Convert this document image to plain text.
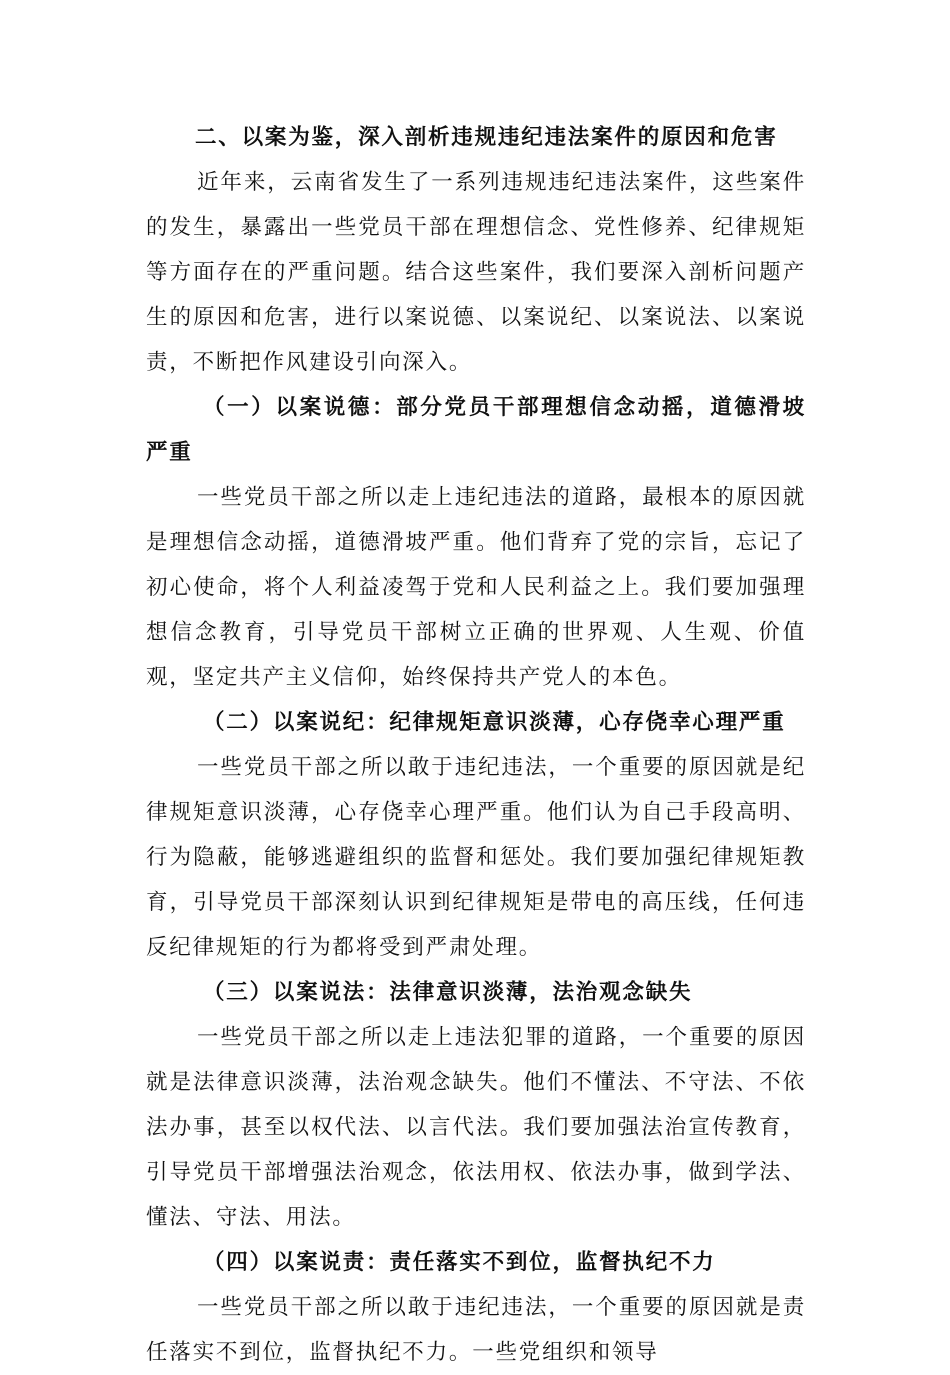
二、以案为鉴，深入剖析违规违纪违法案件的原因和危害

近年来，云南省发生了一系列违规违纪违法案件，这些案件的发生，暴露出一些党员干部在理想信念、党性修养、纪律规矩等方面存在的严重问题。结合这些案件，我们要深入剖析问题产生的原因和危害，进行以案说德、以案说纪、以案说法、以案说责，不断把作风建设引向深入。

（一）以案说德：部分党员干部理想信念动摇，道德滑坡严重

一些党员干部之所以走上违纪违法的道路，最根本的原因就是理想信念动摇，道德滑坡严重。他们背弃了党的宗旨，忘记了初心使命，将个人利益凌驾于党和人民利益之上。我们要加强理想信念教育，引导党员干部树立正确的世界观、人生观、价值观，坚定共产主义信仰，始终保持共产党人的本色。

（二）以案说纪：纪律规矩意识淡薄，心存侥幸心理严重

一些党员干部之所以敢于违纪违法，一个重要的原因就是纪律规矩意识淡薄，心存侥幸心理严重。他们认为自己手段高明、行为隐蔽，能够逃避组织的监督和惩处。我们要加强纪律规矩教育，引导党员干部深刻认识到纪律规矩是带电的高压线，任何违反纪律规矩的行为都将受到严肃处理。

（三）以案说法：法律意识淡薄，法治观念缺失

一些党员干部之所以走上违法犯罪的道路，一个重要的原因就是法律意识淡薄，法治观念缺失。他们不懂法、不守法、不依法办事，甚至以权代法、以言代法。我们要加强法治宣传教育，引导党员干部增强法治观念，依法用权、依法办事，做到学法、懂法、守法、用法。

（四）以案说责：责任落实不到位，监督执纪不力

一些党员干部之所以敢于违纪违法，一个重要的原因就是责任落实不到位，监督执纪不力。一些党组织和领导
